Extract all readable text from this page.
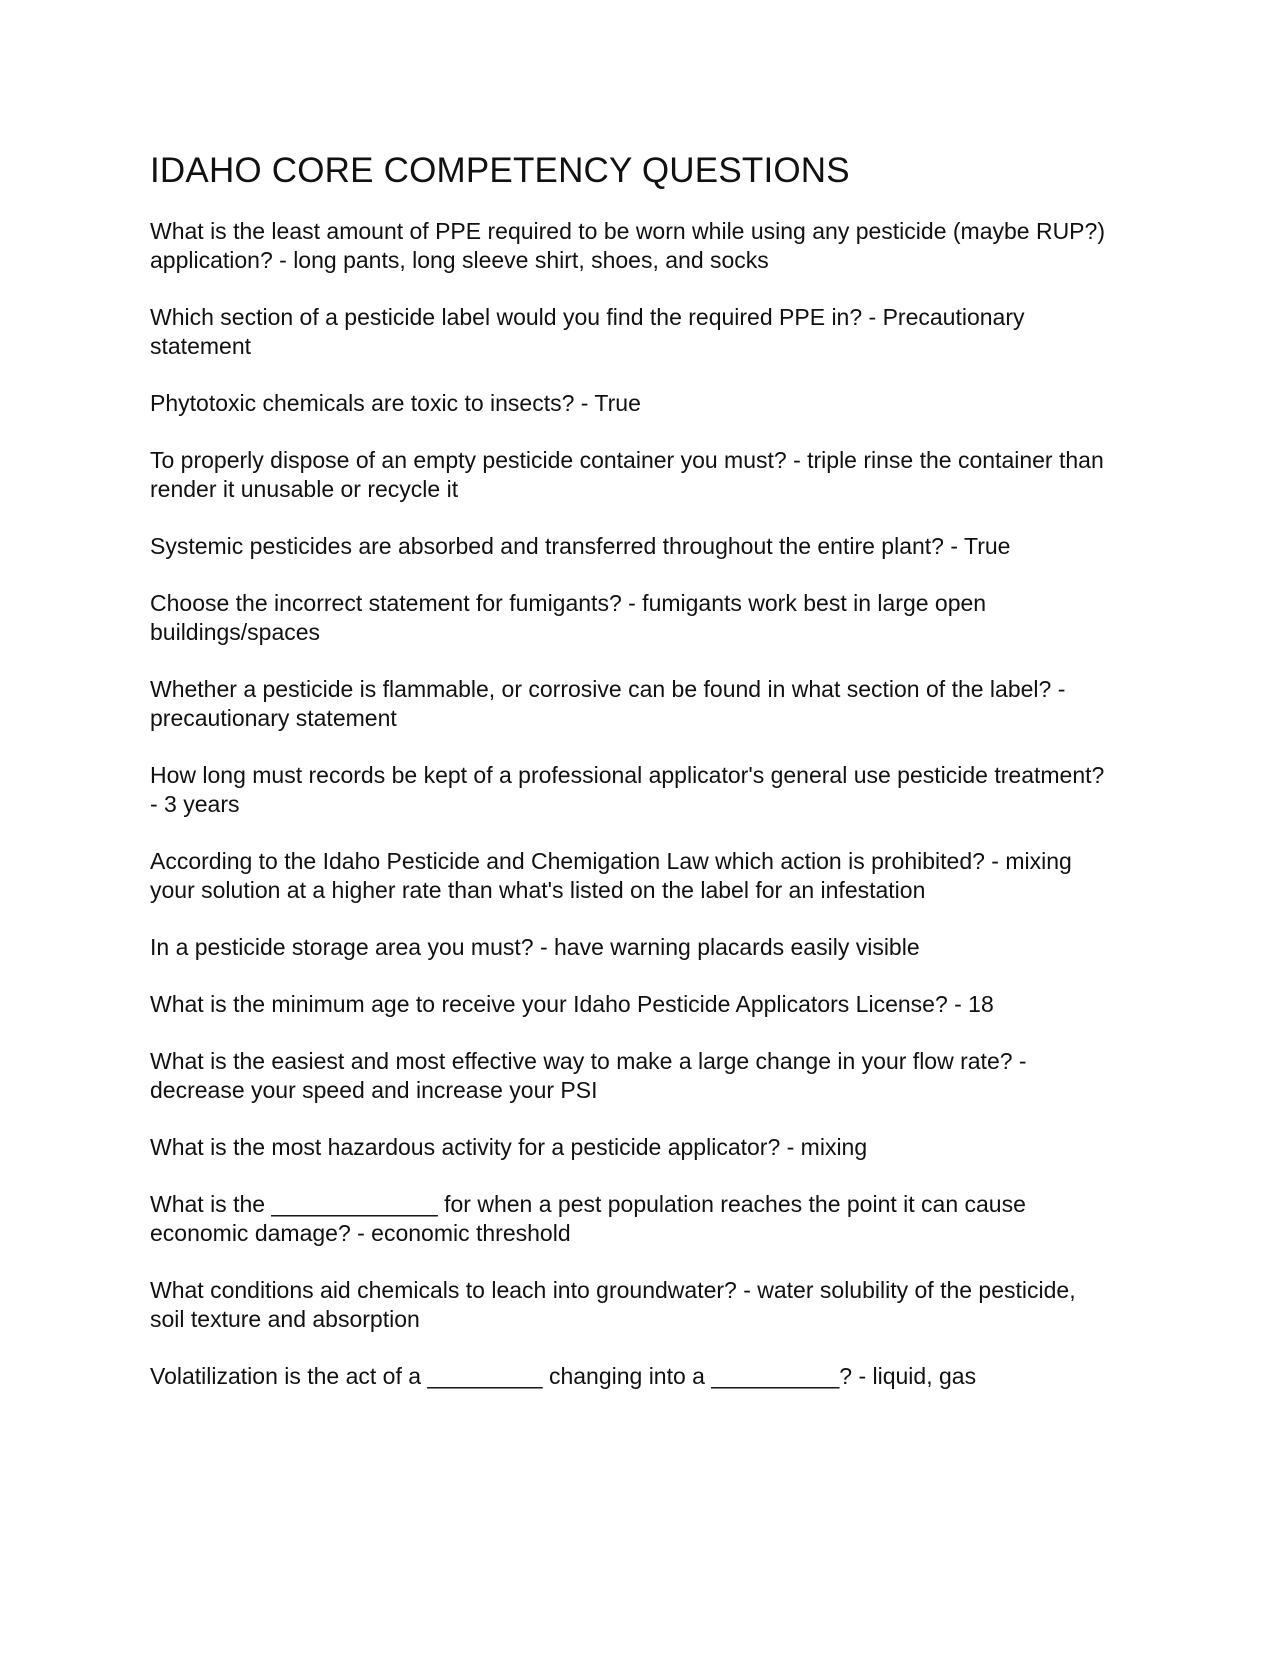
IDAHO CORE COMPETENCY QUESTIONS
What is the least amount of PPE required to be worn while using any pesticide (maybe RUP?) application? - long pants, long sleeve shirt, shoes, and socks
Which section of a pesticide label would you find the required PPE in? - Precautionary statement
Phytotoxic chemicals are toxic to insects? - True
To properly dispose of an empty pesticide container you must? - triple rinse the container than render it unusable or recycle it
Systemic pesticides are absorbed and transferred throughout the entire plant? - True
Choose the incorrect statement for fumigants? - fumigants work best in large open buildings/spaces
Whether a pesticide is flammable, or corrosive can be found in what section of the label? - precautionary statement
How long must records be kept of a professional applicator's general use pesticide treatment? - 3 years
According to the Idaho Pesticide and Chemigation Law which action is prohibited? - mixing your solution at a higher rate than what's listed on the label for an infestation
In a pesticide storage area you must? - have warning placards easily visible
What is the minimum age to receive your Idaho Pesticide Applicators License? - 18
What is the easiest and most effective way to make a large change in your flow rate? - decrease your speed and increase your PSI
What is the most hazardous activity for a pesticide applicator? - mixing
What is the _____________ for when a pest population reaches the point it can cause economic damage? - economic threshold
What conditions aid chemicals to leach into groundwater? - water solubility of the pesticide, soil texture and absorption
Volatilization is the act of a _________ changing into a __________? - liquid, gas
